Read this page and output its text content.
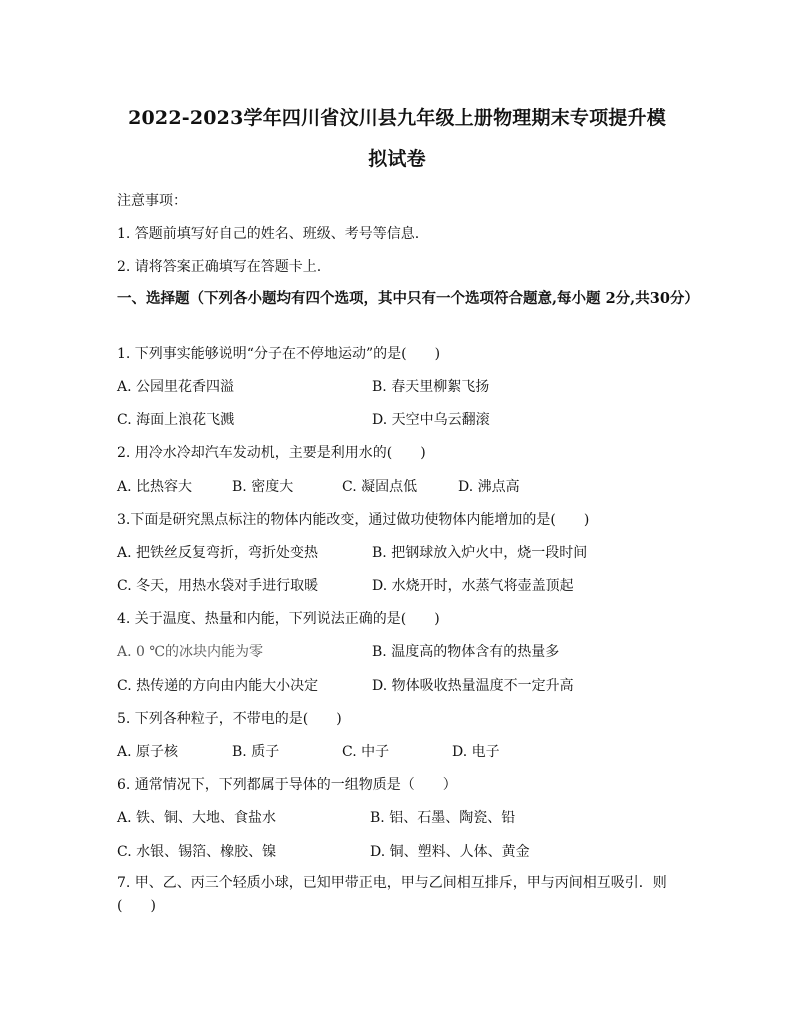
2022-2023学年四川省汶川县九年级上册物理期末专项提升模
拟试卷
注意事项：
1. 答题前填写好自己的姓名、班级、考号等信息.
2. 请将答案正确填写在答题卡上.
一、选择题（下列各小题均有四个选项，其中只有一个选项符合题意,每小题 2分,共30分）
1. 下列事实能够说明“分子在不停地运动”的是(　　)
A. 公园里花香四溢	B. 春天里柳絮飞扬
C. 海面上浪花飞溅	D. 天空中乌云翻滚
2. 用冷水冷却汽车发动机，主要是利用水的(　　)
A. 比热容大	B. 密度大	C. 凝固点低	D. 沸点高
3.下面是研究黑点标注的物体内能改变，通过做功使物体内能增加的是(　　)
A. 把铁丝反复弯折，弯折处变热	B. 把钢球放入炉火中，烧一段时间
C. 冬天，用热水袋对手进行取暖	D. 水烧开时，水蒸气将壶盖顶起
4. 关于温度、热量和内能，下列说法正确的是(　　)
A. 0 ℃的冰块内能为零	B. 温度高的物体含有的热量多
C. 热传递的方向由内能大小决定	D. 物体吸收热量温度不一定升高
5. 下列各种粒子，不带电的是(　　)
A. 原子核	B. 质子	C. 中子	D. 电子
6. 通常情况下，下列都属于导体的一组物质是（　　）
A. 铁、铜、大地、食盐水	B. 铝、石墨、陶瓷、铅
C. 水银、锡箔、橡胶、镍	D. 铜、塑料、人体、黄金
7. 甲、乙、丙三个轻质小球，已知甲带正电，甲与乙间相互排斥，甲与丙间相互吸引．则(　　)
